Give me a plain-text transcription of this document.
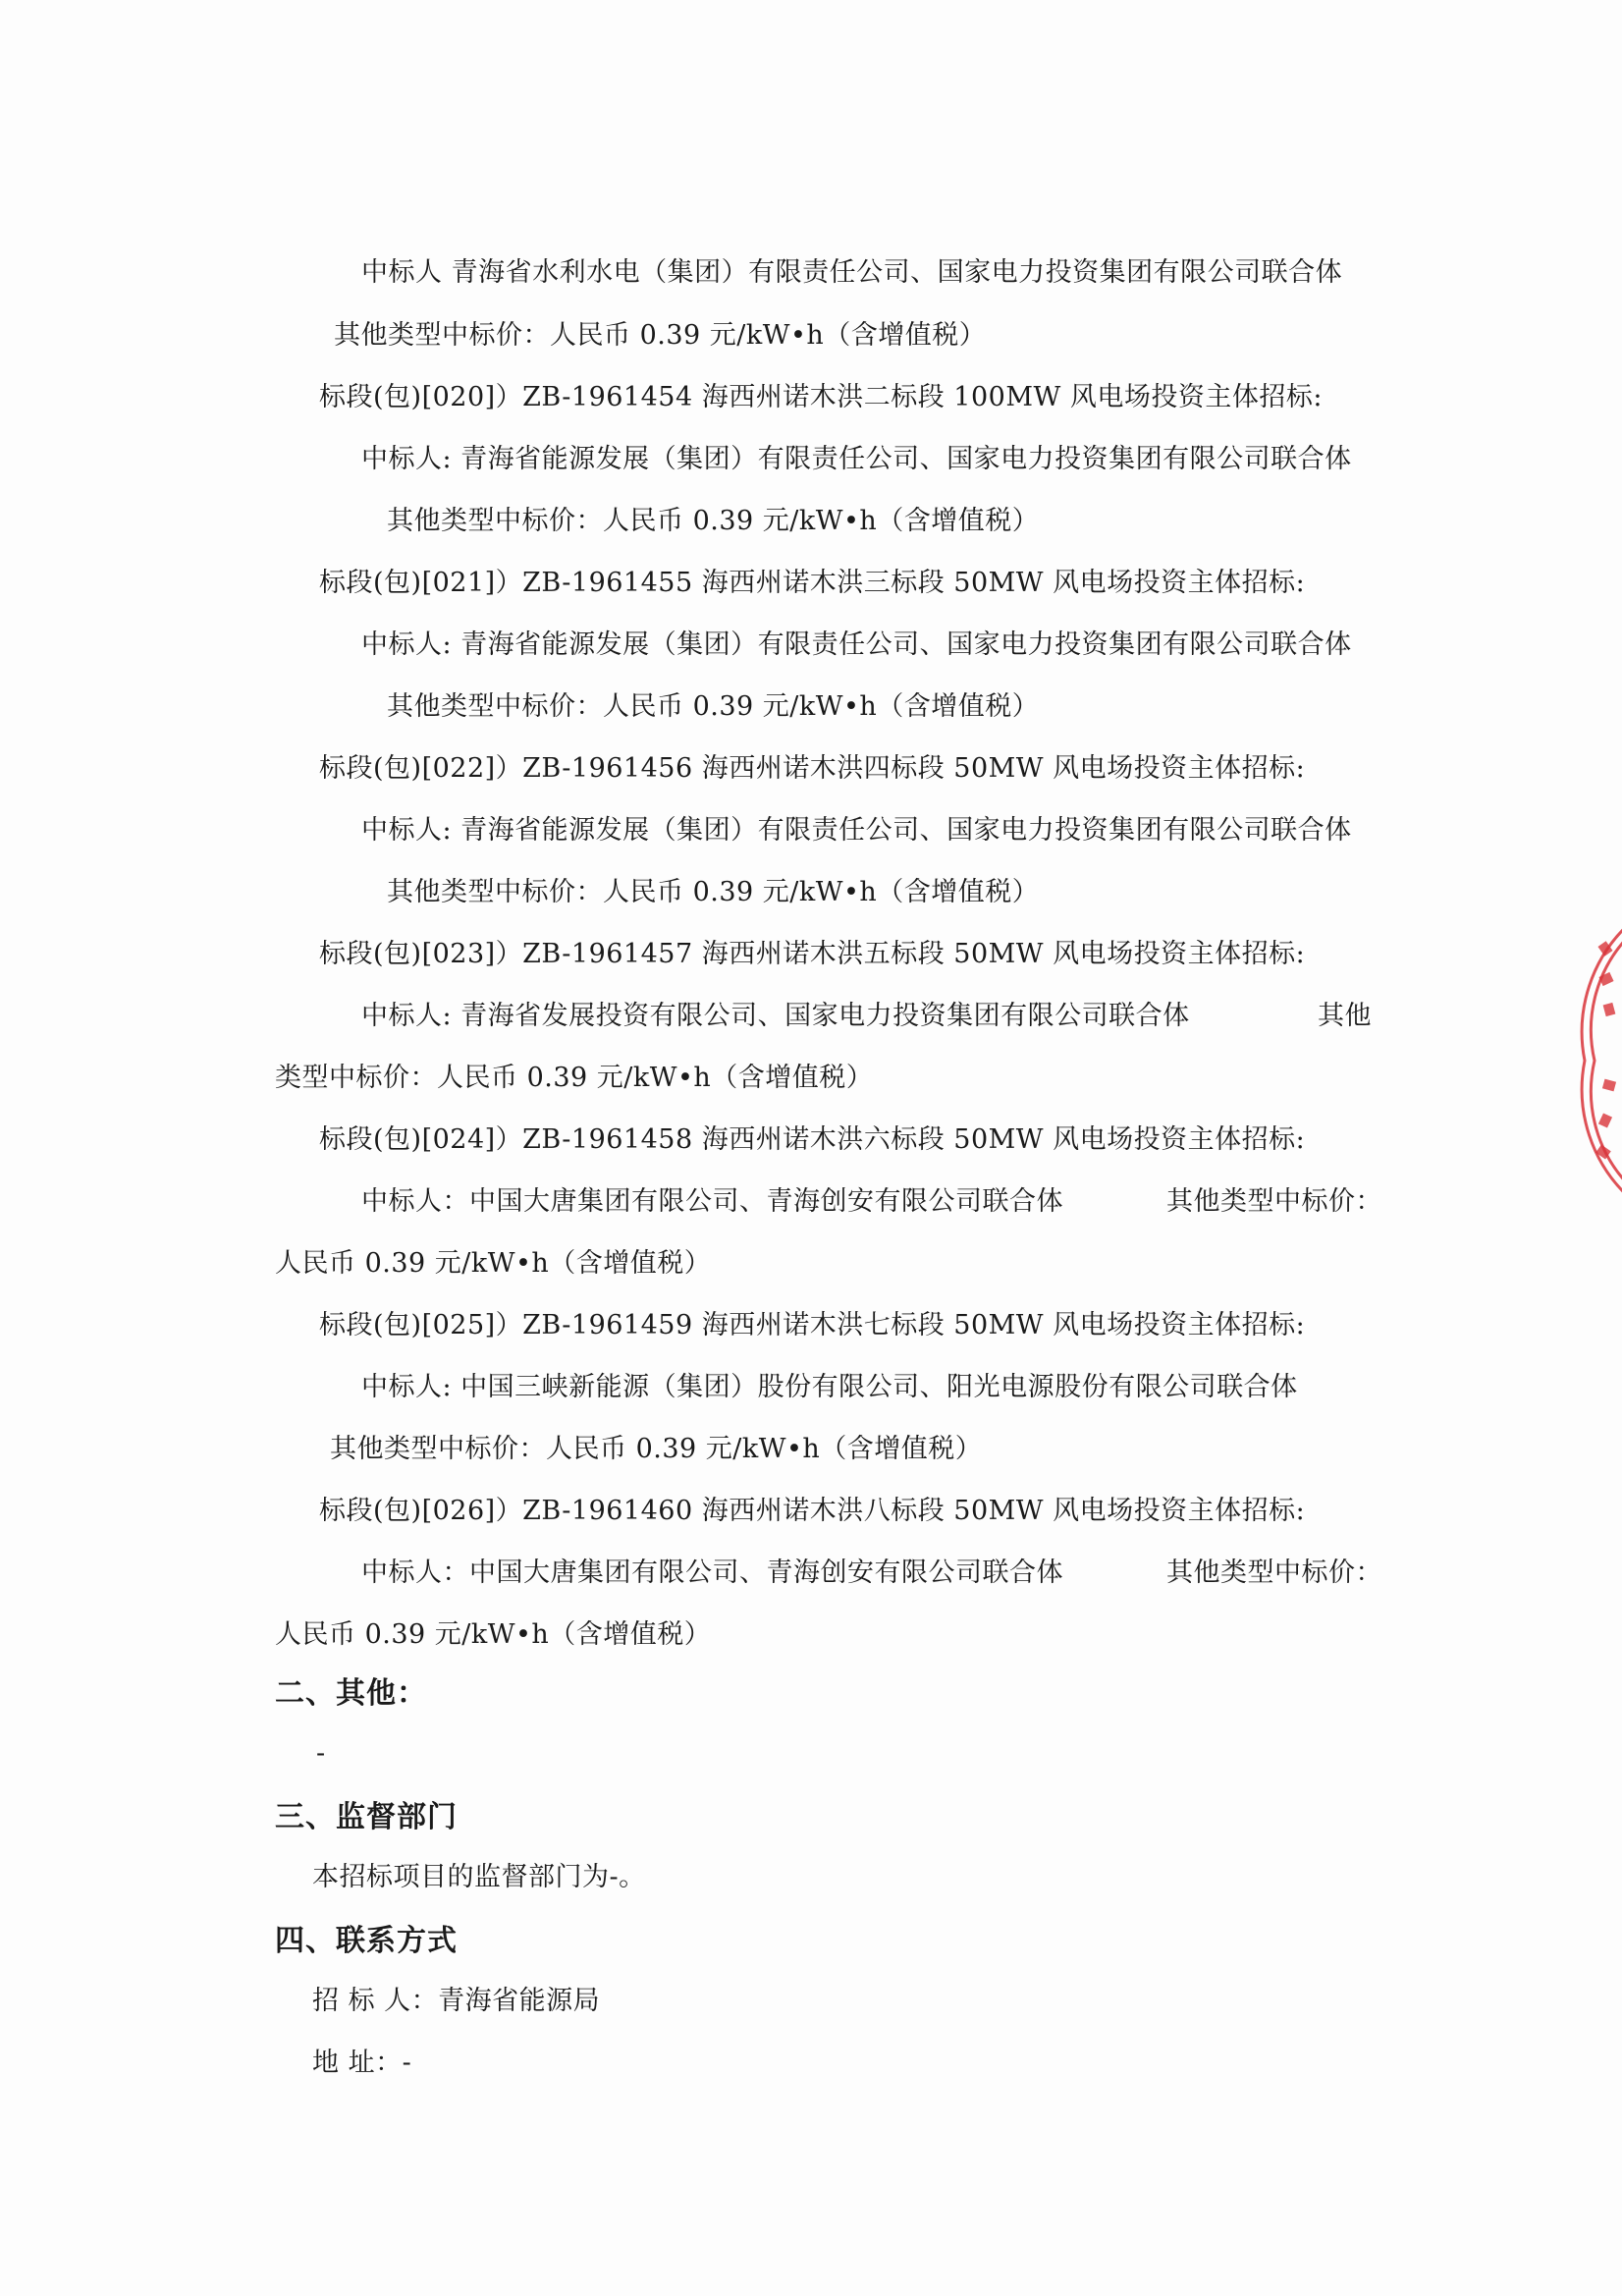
中标人 青海省水利水电（集团）有限责任公司、国家电力投资集团有限公司联合体
其他类型中标价：人民币 0.39 元/kW•h（含增值税）
标段(包)[020]）ZB-1961454 海西州诺木洪二标段 100MW 风电场投资主体招标:
中标人: 青海省能源发展（集团）有限责任公司、国家电力投资集团有限公司联合体
其他类型中标价：人民币 0.39 元/kW•h（含增值税）
标段(包)[021]）ZB-1961455 海西州诺木洪三标段 50MW 风电场投资主体招标:
中标人: 青海省能源发展（集团）有限责任公司、国家电力投资集团有限公司联合体
其他类型中标价：人民币 0.39 元/kW•h（含增值税）
标段(包)[022]）ZB-1961456 海西州诺木洪四标段 50MW 风电场投资主体招标:
中标人: 青海省能源发展（集团）有限责任公司、国家电力投资集团有限公司联合体
其他类型中标价：人民币 0.39 元/kW•h（含增值税）
标段(包)[023]）ZB-1961457 海西州诺木洪五标段 50MW 风电场投资主体招标:
中标人: 青海省发展投资有限公司、国家电力投资集团有限公司联合体	其他
类型中标价：人民币 0.39 元/kW•h（含增值税）
标段(包)[024]）ZB-1961458 海西州诺木洪六标段 50MW 风电场投资主体招标:
中标人：中国大唐集团有限公司、青海创安有限公司联合体	其他类型中标价：
人民币 0.39 元/kW•h（含增值税）
标段(包)[025]）ZB-1961459 海西州诺木洪七标段 50MW 风电场投资主体招标:
中标人: 中国三峡新能源（集团）股份有限公司、阳光电源股份有限公司联合体
其他类型中标价：人民币 0.39 元/kW•h（含增值税）
标段(包)[026]）ZB-1961460 海西州诺木洪八标段 50MW 风电场投资主体招标:
中标人：中国大唐集团有限公司、青海创安有限公司联合体	其他类型中标价：
人民币 0.39 元/kW•h（含增值税）
二、其他：
-
三、监督部门
本招标项目的监督部门为-。
四、联系方式
招 标 人：青海省能源局
地 址：-
